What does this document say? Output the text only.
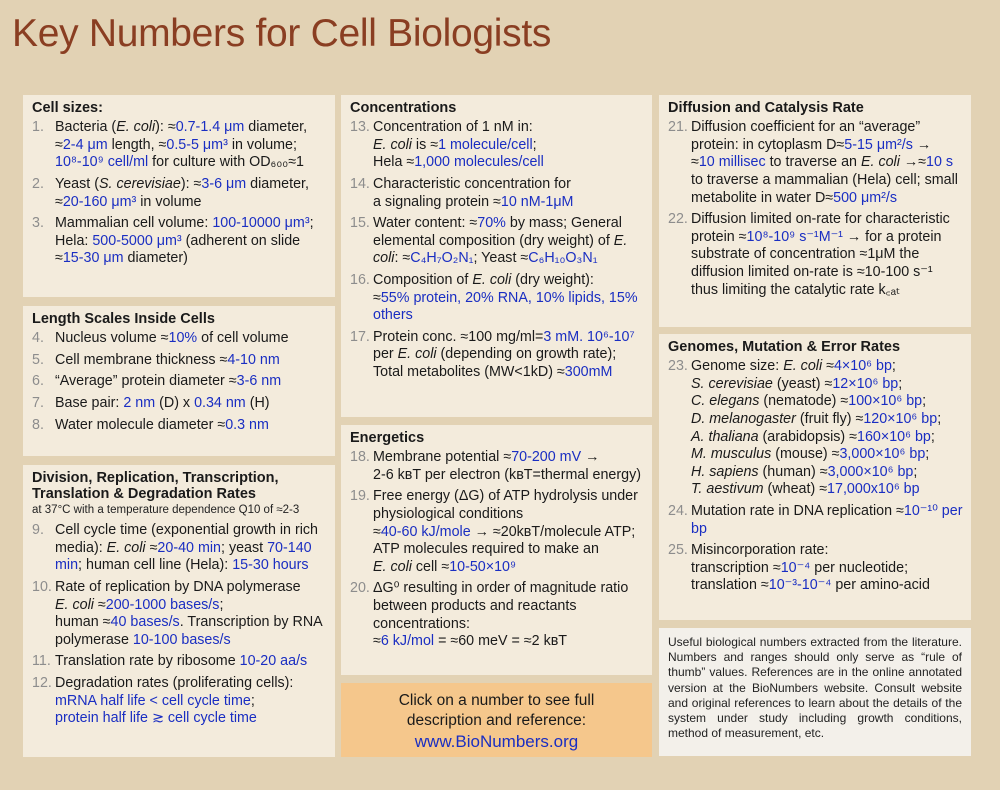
Key Numbers for Cell Biologists
Cell sizes:
1. Bacteria (E. coli): ≈0.7-1.4 μm diameter, ≈2-4 μm length, ≈0.5-5 μm³ in volume; 10⁸-10⁹ cell/ml for culture with OD₆₀₀≈1
2. Yeast (S. cerevisiae): ≈3-6 μm diameter, ≈20-160 μm³ in volume
3. Mammalian cell volume: 100-10000 μm³; Hela: 500-5000 μm³ (adherent on slide ≈15-30 μm diameter)
Length Scales Inside Cells
4. Nucleus volume ≈10% of cell volume
5. Cell membrane thickness ≈4-10 nm
6. “Average” protein diameter ≈3-6 nm
7. Base pair: 2 nm (D) x 0.34 nm (H)
8. Water molecule diameter ≈0.3 nm
Division, Replication, Transcription, Translation & Degradation Rates
at 37°C with a temperature dependence Q10 of ≈2-3
9. Cell cycle time (exponential growth in rich media): E. coli ≈20-40 min; yeast 70-140 min; human cell line (Hela): 15-30 hours
10. Rate of replication by DNA polymerase
E. coli ≈200-1000 bases/s;
human ≈40 bases/s. Transcription by RNA polymerase 10-100 bases/s
11. Translation rate by ribosome 10-20 aa/s
12. Degradation rates (proliferating cells):
mRNA half life < cell cycle time;
protein half life ≳ cell cycle time
Concentrations
13. Concentration of 1 nM in:
E. coli is ≈1 molecule/cell;
Hela ≈1,000 molecules/cell
14. Characteristic concentration for
a signaling protein ≈10 nM-1μM
15. Water content: ≈70% by mass; General elemental composition (dry weight) of E. coli: ≈C₄H₇O₂N₁; Yeast ≈C₆H₁₀O₃N₁
16. Composition of E. coli (dry weight):
≈55% protein, 20% RNA, 10% lipids, 15% others
17. Protein conc. ≈100 mg/ml=3 mM. 10⁶-10⁷ per E. coli (depending on growth rate); Total metabolites (MW<1kD) ≈300mM
Energetics
18. Membrane potential ≈70-200 mV →
2-6 kʙT per electron (kʙT=thermal energy)
19. Free energy (ΔG) of ATP hydrolysis under physiological conditions
≈40-60 kJ/mole → ≈20kʙT/molecule ATP; ATP molecules required to make an
E. coli cell ≈10-50×10⁹
20. ΔG⁰ resulting in order of magnitude ratio between products and reactants concentrations:
≈6 kJ/mol = ≈60 meV = ≈2 kʙT
Diffusion and Catalysis Rate
21. Diffusion coefficient for an “average” protein: in cytoplasm D≈5-15 μm²/s →
≈10 millisec to traverse an E. coli →≈10 s to traverse a mammalian (Hela) cell; small metabolite in water D≈500 μm²/s
22. Diffusion limited on-rate for characteristic protein ≈10⁸-10⁹ s⁻¹M⁻¹ → for a protein substrate of concentration ≈1μM the diffusion limited on-rate is ≈10-100 s⁻¹ thus limiting the catalytic rate k꜀ₐₜ
Genomes, Mutation & Error Rates
23. Genome size: E. coli ≈4×10⁶ bp;
S. cerevisiae (yeast) ≈12×10⁶ bp;
C. elegans (nematode) ≈100×10⁶ bp;
D. melanogaster (fruit fly) ≈120×10⁶ bp;
A. thaliana (arabidopsis) ≈160×10⁶ bp;
M. musculus (mouse) ≈3,000×10⁶ bp;
H. sapiens (human) ≈3,000×10⁶ bp;
T. aestivum (wheat) ≈17,000x10⁶ bp
24. Mutation rate in DNA replication ≈10⁻¹⁰ per bp
25. Misincorporation rate:
transcription ≈10⁻⁴ per nucleotide;
translation ≈10⁻³-10⁻⁴ per amino-acid
Click on a number to see full
description and reference:
www.BioNumbers.org
Useful biological numbers extracted from the literature. Numbers and ranges should only serve as “rule of thumb” values. References are in the online annotated version at the BioNumbers website. Consult website and original references to learn about the details of the system under study including growth conditions, method of measurement, etc.
